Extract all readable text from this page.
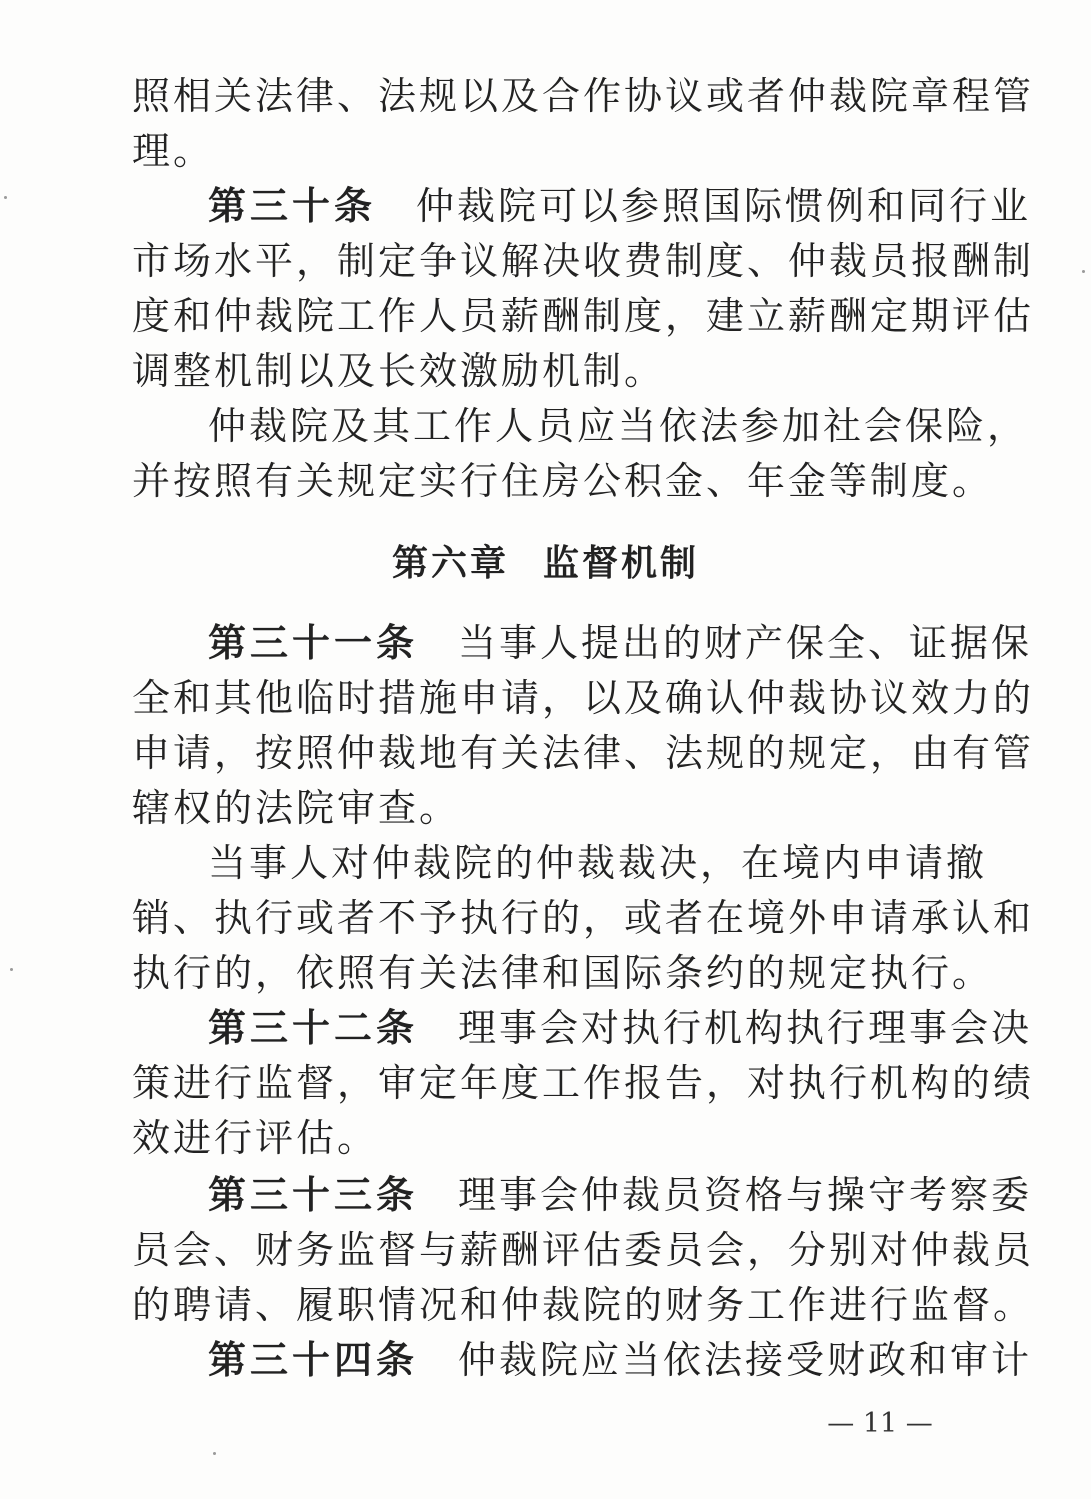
照相关法律、法规以及合作协议或者仲裁院章程管
理。
第三十条 仲裁院可以参照国际惯例和同行业
市场水平，制定争议解决收费制度、仲裁员报酬制
度和仲裁院工作人员薪酬制度，建立薪酬定期评估
调整机制以及长效激励机制。
仲裁院及其工作人员应当依法参加社会保险，
并按照有关规定实行住房公积金、年金等制度。
第六章 监督机制
第三十一条 当事人提出的财产保全、证据保
全和其他临时措施申请，以及确认仲裁协议效力的
申请，按照仲裁地有关法律、法规的规定，由有管
辖权的法院审查。
当事人对仲裁院的仲裁裁决，在境内申请撤
销、执行或者不予执行的，或者在境外申请承认和
执行的，依照有关法律和国际条约的规定执行。
第三十二条 理事会对执行机构执行理事会决
策进行监督，审定年度工作报告，对执行机构的绩
效进行评估。
第三十三条 理事会仲裁员资格与操守考察委
员会、财务监督与薪酬评估委员会，分别对仲裁员
的聘请、履职情况和仲裁院的财务工作进行监督。
第三十四条 仲裁院应当依法接受财政和审计
— 11 —
